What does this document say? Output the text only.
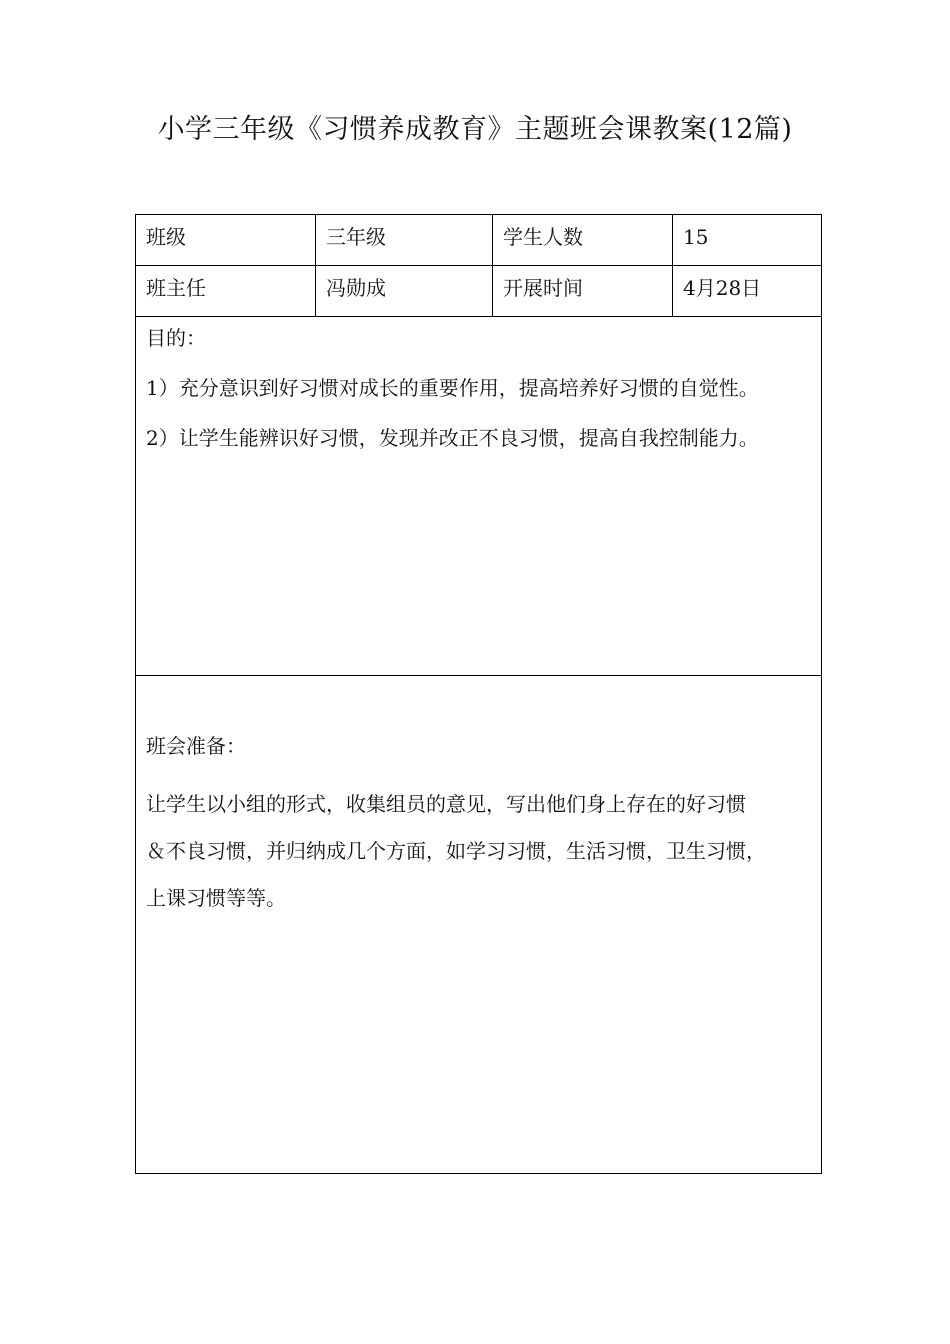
小学三年级《习惯养成教育》主题班会课教案(12篇)
班级	三年级	学生人数	15
班主任	冯勋成	开展时间	4月28日

目的：
1）充分意识到好习惯对成长的重要作用，提高培养好习惯的自觉性。
2）让学生能辨识好习惯，发现并改正不良习惯，提高自我控制能力。			

班会准备：
让学生以小组的形式，收集组员的意见，写出他们身上存在的好习惯
＆不良习惯，并归纳成几个方面，如学习习惯，生活习惯，卫生习惯，
上课习惯等等。			
